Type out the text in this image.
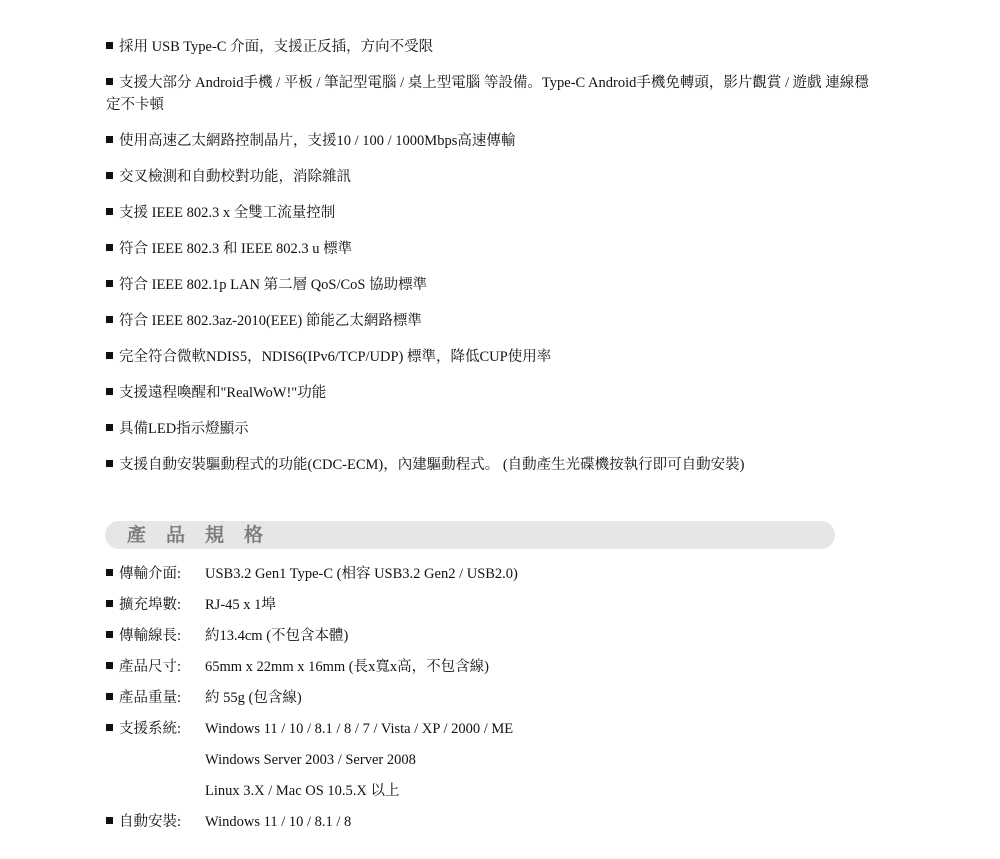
採用 USB Type-C 介面，支援正反插，方向不受限
支援大部分 Android手機 / 平板 / 筆記型電腦 / 桌上型電腦 等設備。Type-C Android手機免轉頭，影片觀賞 / 遊戲 連線穩定不卡頓
使用高速乙太網路控制晶片，支援10 / 100 / 1000Mbps高速傳輸
交叉檢測和自動校對功能，消除雜訊
支援 IEEE 802.3 x 全雙工流量控制
符合 IEEE 802.3 和 IEEE 802.3 u 標準
符合 IEEE 802.1p LAN 第二層 QoS/CoS 協助標準
符合 IEEE 802.3az-2010(EEE) 節能乙太網路標準
完全符合微軟NDIS5，NDIS6(IPv6/TCP/UDP) 標準，降低CUP使用率
支援遠程喚醒和"RealWoW!"功能
具備LED指示燈顯示
支援自動安裝驅動程式的功能(CDC-ECM)，內建驅動程式。 (自動產生光碟機按執行即可自動安裝)
產品規格
傳輸介面: USB3.2 Gen1 Type-C (相容 USB3.2 Gen2 / USB2.0)
擴充埠數: RJ-45 x 1埠
傳輸線長: 約13.4cm (不包含本體)
產品尺寸: 65mm x 22mm x 16mm (長x寬x高，不包含線)
產品重量: 約 55g (包含線)
支援系統: Windows 11 / 10 / 8.1 / 8 / 7 / Vista / XP / 2000 / ME
Windows Server 2003 / Server 2008
Linux 3.X / Mac OS 10.5.X 以上
自動安裝: Windows 11 / 10 / 8.1 / 8
